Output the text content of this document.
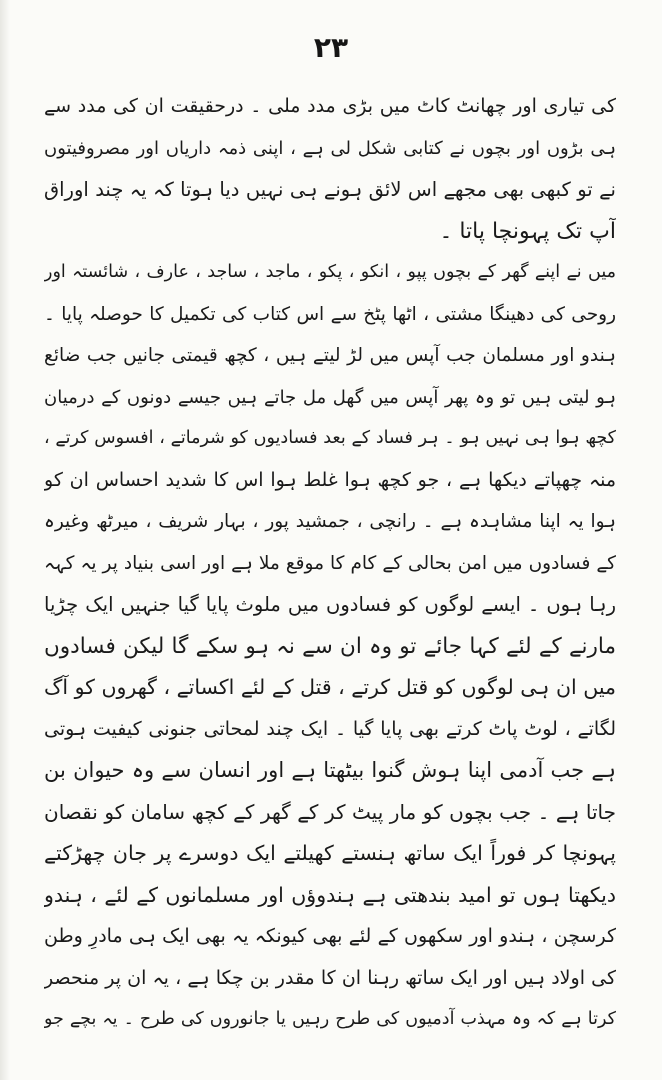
۲۳
کی تیاری اور چھانٹ کاٹ میں بڑی مدد ملی ۔ درحقیقت ان کی مدد سے
ہی بڑوں اور بچوں نے کتابی شکل لی ہے ، اپنی ذمہ داریاں اور مصروفیتوں
نے تو کبھی بھی مجھے اس لائق ہونے ہی نہیں دیا ہوتا کہ یہ چند اوراق
آپ تک پہونچا پاتا ۔
میں نے اپنے گھر کے بچوں پپو ، انکو ، پکو ، ماجد ، ساجد ، عارف ، شائستہ اور
روحی کی دھینگا مشتی ، اٹھا پٹخ سے اس کتاب کی تکمیل کا حوصلہ پایا ۔
ہندو اور مسلمان جب آپس میں لڑ لیتے ہیں ، کچھ قیمتی جانیں جب ضائع
ہو لیتی ہیں تو وہ پھر آپس میں گھل مل جاتے ہیں جیسے دونوں کے درمیان
کچھ ہوا ہی نہیں ہو ۔ ہر فساد کے بعد فسادیوں کو شرماتے ، افسوس کرتے ،
منہ چھپاتے دیکھا ہے ، جو کچھ ہوا غلط ہوا اس کا شدید احساس ان کو
ہوا یہ اپنا مشاہدہ ہے ۔ رانچی ، جمشید پور ، بہار شریف ، میرٹھ وغیرہ
کے فسادوں میں امن بحالی کے کام کا موقع ملا ہے اور اسی بنیاد پر یہ کہہ
رہا ہوں ۔ ایسے لوگوں کو فسادوں میں ملوث پایا گیا جنہیں ایک چڑیا
مارنے کے لئے کہا جائے تو وہ ان سے نہ ہو سکے گا لیکن فسادوں
میں ان ہی لوگوں کو قتل کرتے ، قتل کے لئے اکساتے ، گھروں کو آگ
لگاتے ، لوٹ پاٹ کرتے بھی پایا گیا ۔ ایک چند لمحاتی جنونی کیفیت ہوتی
ہے جب آدمی اپنا ہوش گنوا بیٹھتا ہے اور انسان سے وہ حیوان بن
جاتا ہے ۔ جب بچوں کو مار پیٹ کر کے گھر کے کچھ سامان کو نقصان
پہونچا کر فوراً ایک ساتھ ہنستے کھیلتے ایک دوسرے پر جان چھڑکتے
دیکھتا ہوں تو امید بندھتی ہے ہندوؤں اور مسلمانوں کے لئے ، ہندو
کرسچن ، ہندو اور سکھوں کے لئے بھی کیونکہ یہ بھی ایک ہی مادرِ وطن
کی اولاد ہیں اور ایک ساتھ رہنا ان کا مقدر بن چکا ہے ، یہ ان پر منحصر
کرتا ہے کہ وہ مہذب آدمیوں کی طرح رہیں یا جانوروں کی طرح ۔ یہ بچے جو
